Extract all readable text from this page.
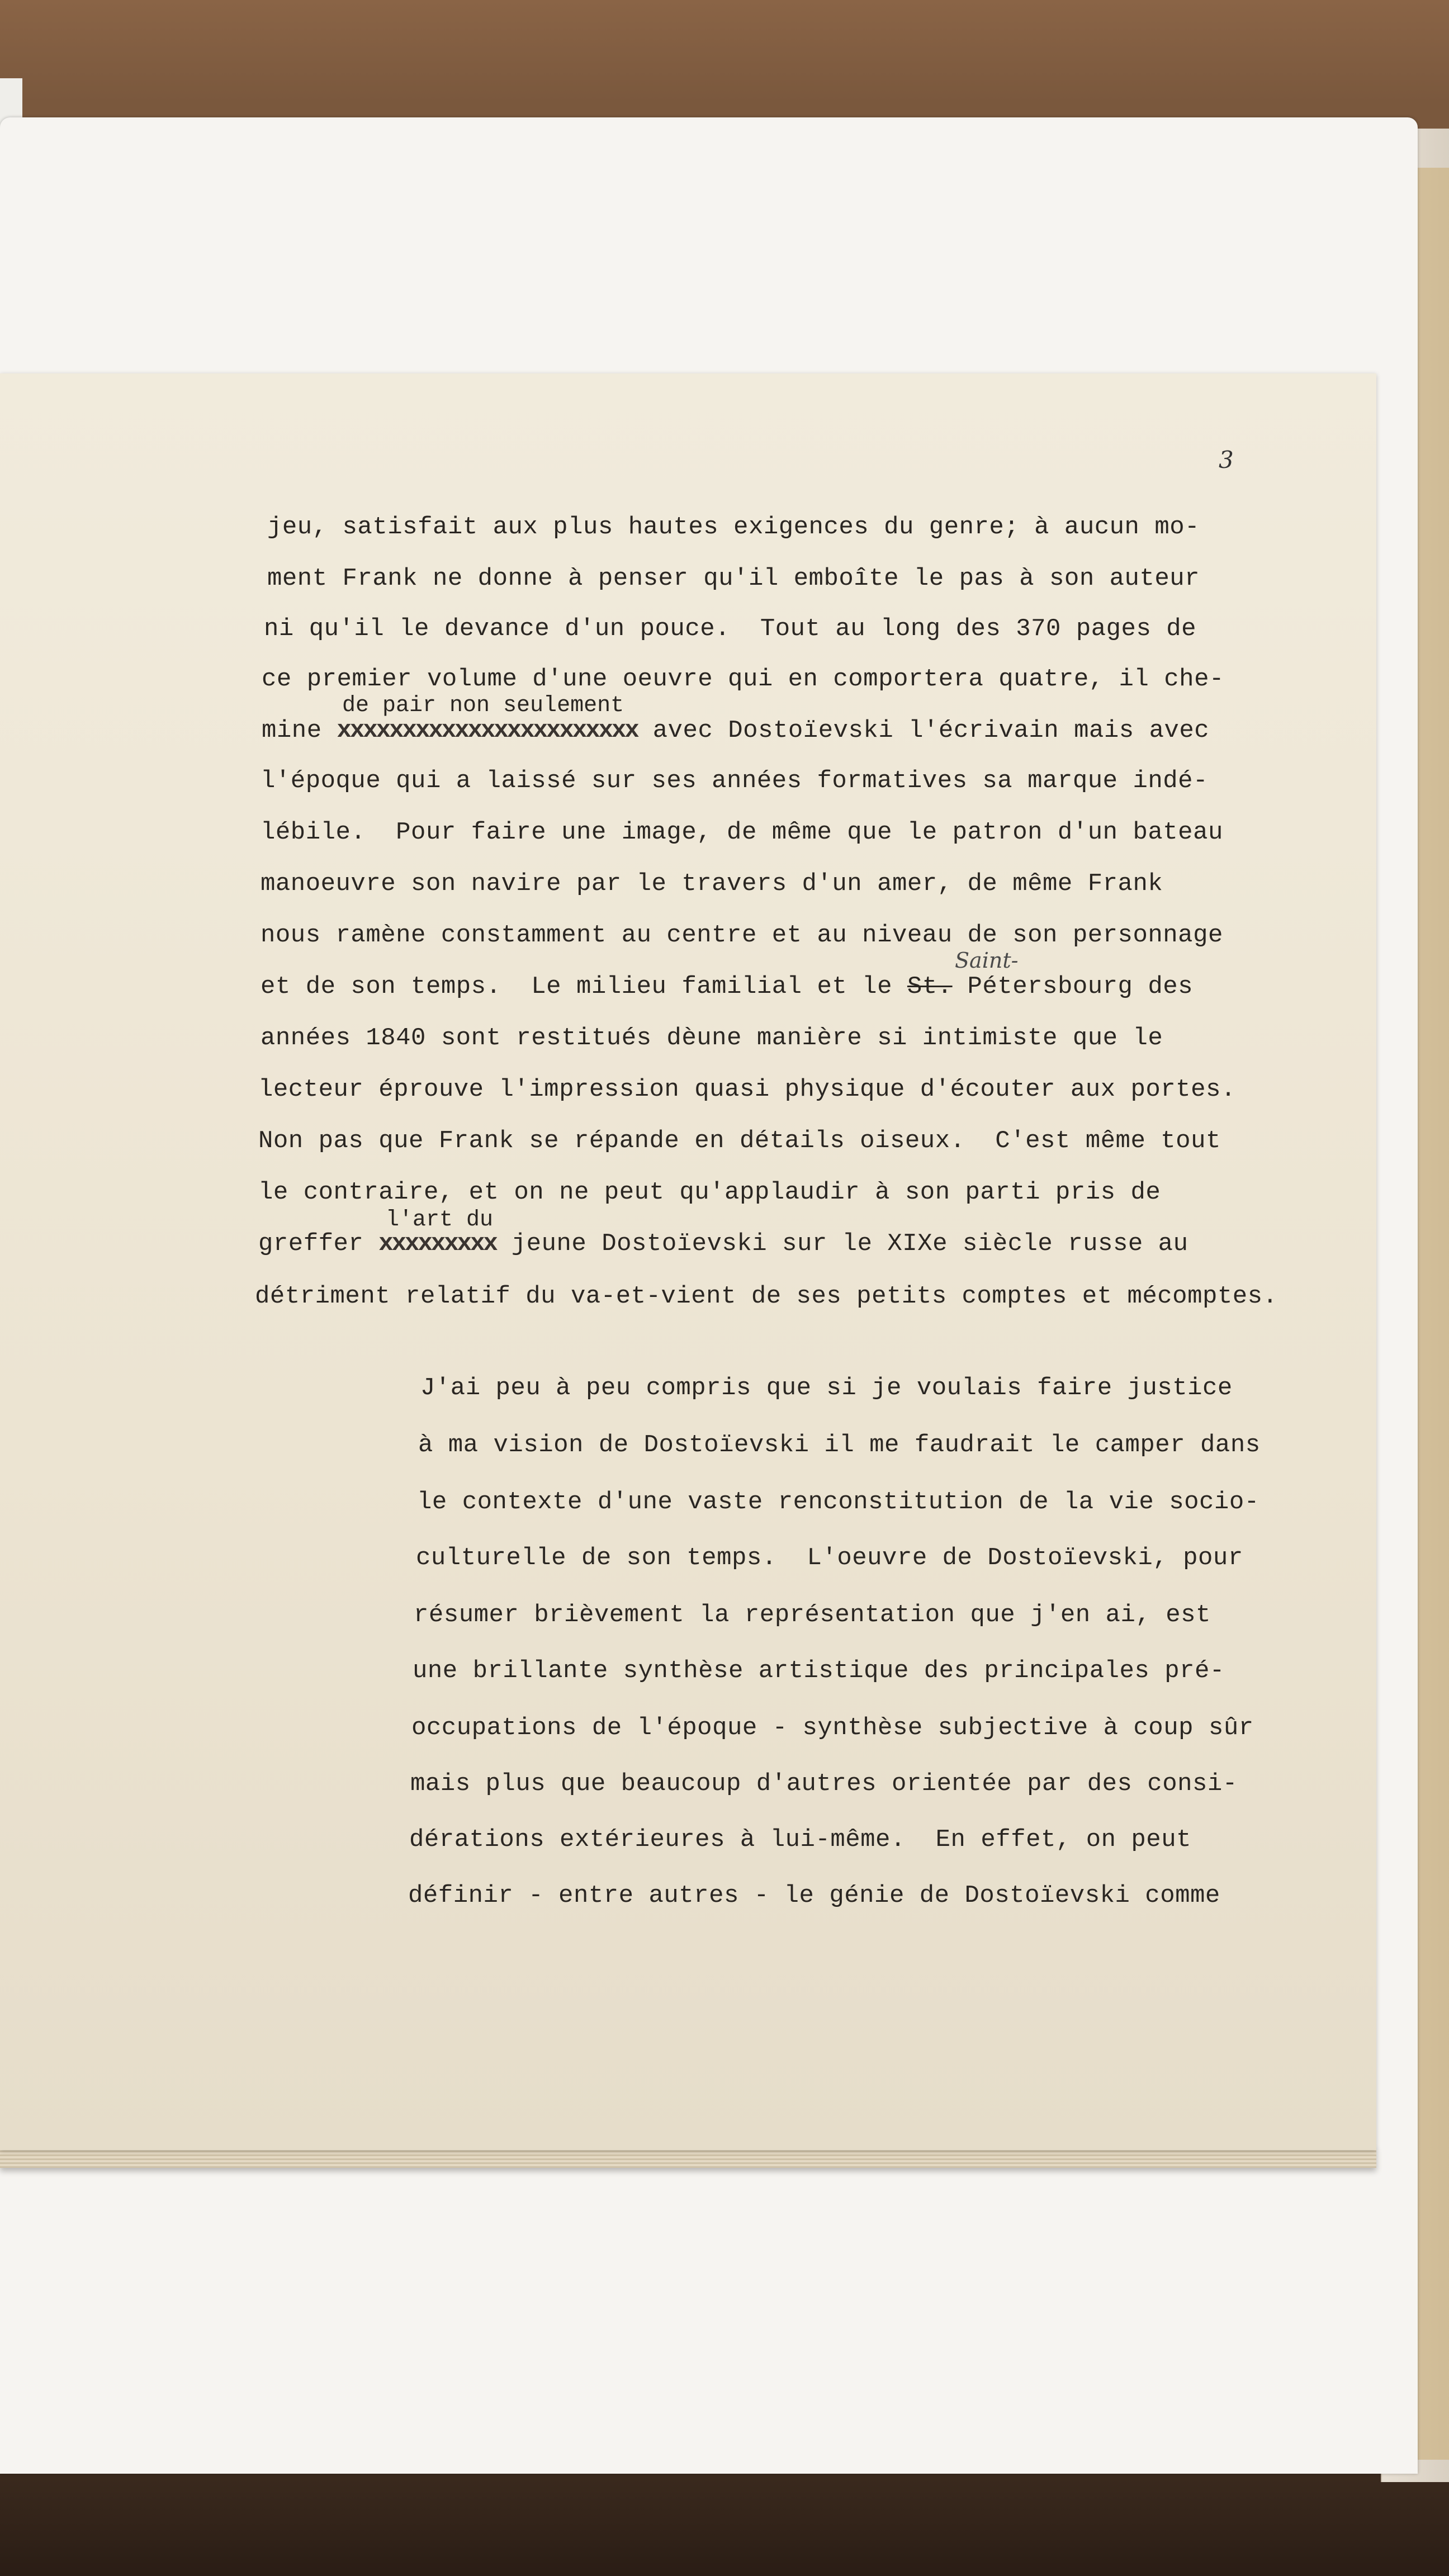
3
jeu, satisfait aux plus hautes exigences du genre; à aucun mo-
ment Frank ne donne à penser qu'il emboîte le pas à son auteur
ni qu'il le devance d'un pouce.  Tout au long des 370 pages de
ce premier volume d'une oeuvre qui en comportera quatre, il che-
de pair non seulement
mine xxxxxxxxxxxxxxxxxxxxxxx avec Dostoïevski l'écrivain mais avec
l'époque qui a laissé sur ses années formatives sa marque indé-
lébile.  Pour faire une image, de même que le patron d'un bateau
manoeuvre son navire par le travers d'un amer, de même Frank
nous ramène constamment au centre et au niveau de son personnage
Saint-
et de son temps.  Le milieu familial et le St. Pétersbourg des
années 1840 sont restitués dèune manière si intimiste que le
lecteur éprouve l'impression quasi physique d'écouter aux portes.
Non pas que Frank se répande en détails oiseux.  C'est même tout
le contraire, et on ne peut qu'applaudir à son parti pris de
l'art du
greffer xxxxxxxxx jeune Dostoïevski sur le XIXe siècle russe au
détriment relatif du va-et-vient de ses petits comptes et mécomptes.
J'ai peu à peu compris que si je voulais faire justice
à ma vision de Dostoïevski il me faudrait le camper dans
le contexte d'une vaste renconstitution de la vie socio-
culturelle de son temps.  L'oeuvre de Dostoïevski, pour
résumer brièvement la représentation que j'en ai, est
une brillante synthèse artistique des principales pré-
occupations de l'époque - synthèse subjective à coup sûr
mais plus que beaucoup d'autres orientée par des consi-
dérations extérieures à lui-même.  En effet, on peut
définir - entre autres - le génie de Dostoïevski comme
